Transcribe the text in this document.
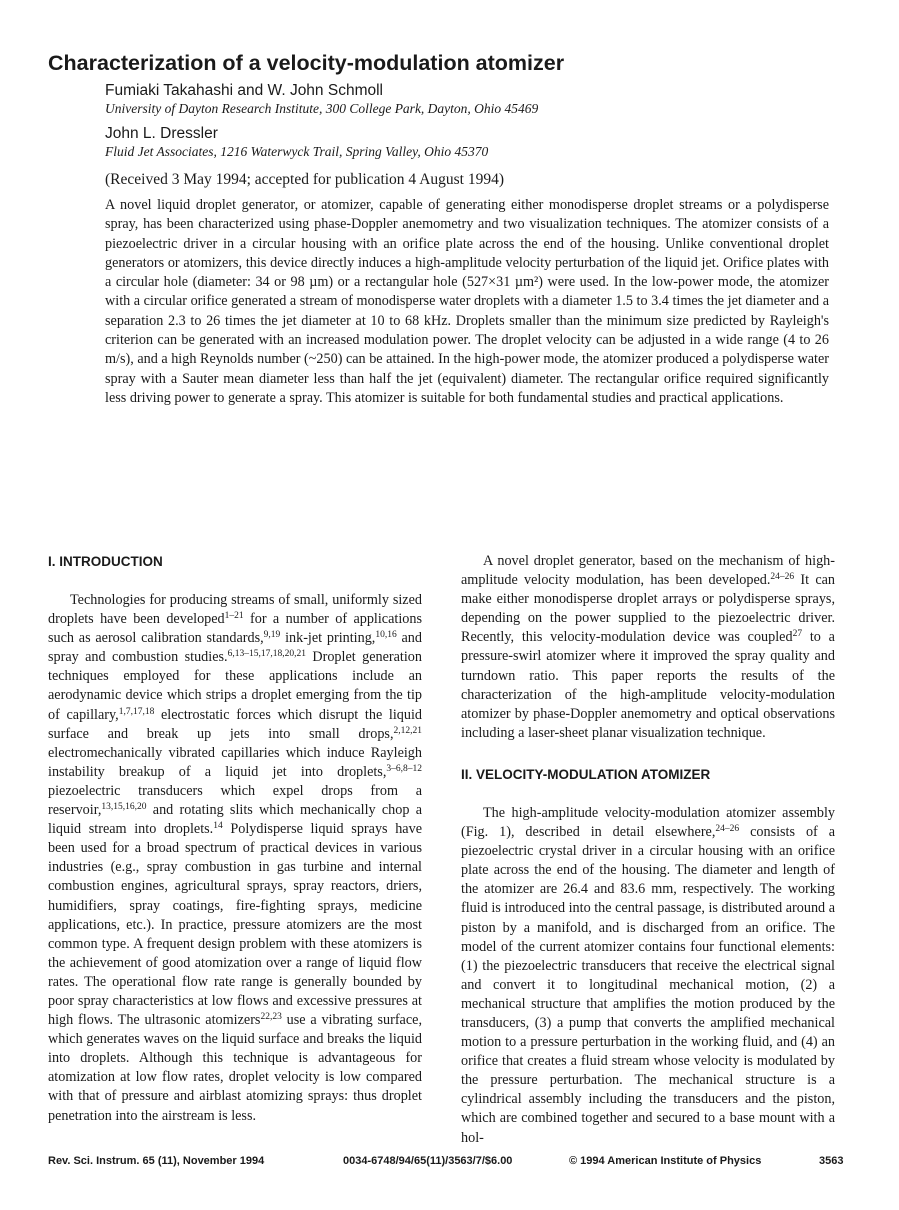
Characterization of a velocity-modulation atomizer
Fumiaki Takahashi and W. John Schmoll
University of Dayton Research Institute, 300 College Park, Dayton, Ohio 45469
John L. Dressler
Fluid Jet Associates, 1216 Waterwyck Trail, Spring Valley, Ohio 45370
(Received 3 May 1994; accepted for publication 4 August 1994)
A novel liquid droplet generator, or atomizer, capable of generating either monodisperse droplet streams or a polydisperse spray, has been characterized using phase-Doppler anemometry and two visualization techniques. The atomizer consists of a piezoelectric driver in a circular housing with an orifice plate across the end of the housing. Unlike conventional droplet generators or atomizers, this device directly induces a high-amplitude velocity perturbation of the liquid jet. Orifice plates with a circular hole (diameter: 34 or 98 µm) or a rectangular hole (527×31 µm²) were used. In the low-power mode, the atomizer with a circular orifice generated a stream of monodisperse water droplets with a diameter 1.5 to 3.4 times the jet diameter and a separation 2.3 to 26 times the jet diameter at 10 to 68 kHz. Droplets smaller than the minimum size predicted by Rayleigh's criterion can be generated with an increased modulation power. The droplet velocity can be adjusted in a wide range (4 to 26 m/s), and a high Reynolds number (~250) can be attained. In the high-power mode, the atomizer produced a polydisperse water spray with a Sauter mean diameter less than half the jet (equivalent) diameter. The rectangular orifice required significantly less driving power to generate a spray. This atomizer is suitable for both fundamental studies and practical applications.
I. INTRODUCTION

Technologies for producing streams of small, uniformly sized droplets have been developed$^{1-21}$ for a number of applications such as aerosol calibration standards,$^{9,19}$ ink-jet printing,$^{10,16}$ and spray and combustion studies.$^{6,13-15,17,18,20,21}$ Droplet generation techniques employed for these applications include an aerodynamic device which strips a droplet emerging from the tip of capillary,$^{1,7,17,18}$ electrostatic forces which disrupt the liquid surface and break up jets into small drops,$^{2,12,21}$ electromechanically vibrated capillaries which induce Rayleigh instability breakup of a liquid jet into droplets,$^{3-6,8-12}$ piezoelectric transducers which expel drops from a reservoir,$^{13,15,16,20}$ and rotating slits which mechanically chop a liquid stream into droplets.$^{14}$ Polydisperse liquid sprays have been used for a broad spectrum of practical devices in various industries (e.g., spray combustion in gas turbine and internal combustion engines, agricultural sprays, spray reactors, driers, humidifiers, spray coatings, fire-fighting sprays, medicine applications, etc.). In practice, pressure atomizers are the most common type. A frequent design problem with these atomizers is the achievement of good atomization over a range of liquid flow rates. The operational flow rate range is generally bounded by poor spray characteristics at low flows and excessive pressures at high flows. The ultrasonic atomizers$^{22,23}$ use a vibrating surface, which generates waves on the liquid surface and breaks the liquid into droplets. Although this technique is advantageous for atomization at low flow rates, droplet velocity is low compared with that of pressure and airblast atomizing sprays: thus droplet penetration into the airstream is less.

A novel droplet generator, based on the mechanism of high-amplitude velocity modulation, has been developed.$^{24-26}$ It can make either monodisperse droplet arrays or polydisperse sprays, depending on the power supplied to the piezoelectric driver. Recently, this velocity-modulation device was coupled$^{27}$ to a pressure-swirl atomizer where it improved the spray quality and turndown ratio. This paper reports the results of the characterization of the high-amplitude velocity-modulation atomizer by phase-Doppler anemometry and optical observations including a laser-sheet planar visualization technique.

II. VELOCITY-MODULATION ATOMIZER

The high-amplitude velocity-modulation atomizer assembly (Fig. 1), described in detail elsewhere,$^{24-26}$ consists of a piezoelectric crystal driver in a circular housing with an orifice plate across the end of the housing. The diameter and length of the atomizer are 26.4 and 83.6 mm, respectively. The working fluid is introduced into the central passage, is distributed around a piston by a manifold, and is discharged from an orifice. The model of the current atomizer contains four functional elements: (1) the piezoelectric transducers that receive the electrical signal and convert it to longitudinal mechanical motion, (2) a mechanical structure that amplifies the motion produced by the transducers, (3) a pump that converts the amplified mechanical motion to a pressure perturbation in the working fluid, and (4) an orifice that creates a fluid stream whose velocity is modulated by the pressure perturbation. The mechanical structure is a cylindrical assembly including the transducers and the piston, which are combined together and secured to a base mount with a hol-

Rev. Sci. Instrum. 65 (11), November 1994	0034-6748/94/65(11)/3563/7/$6.00	© 1994 American Institute of Physics	3563
